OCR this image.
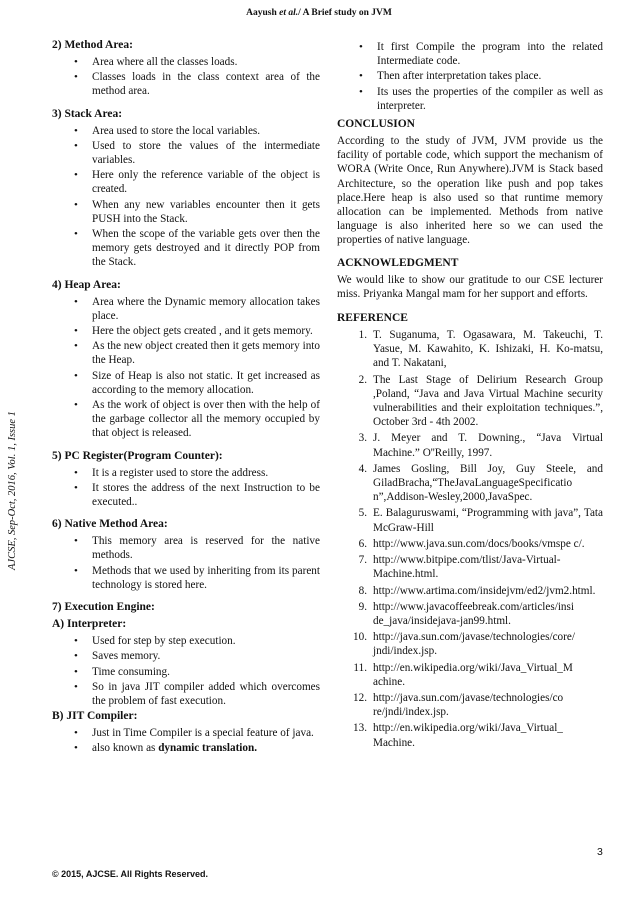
Aayush et al./ A Brief study on JVM
AJCSE, Sep-Oct, 2016, Vol. 1, Issue 1
2) Method Area:
• Area where all the classes loads.
• Classes loads in the class context area of the method area.
3) Stack Area:
• Area used to store the local variables.
• Used to store the values of the intermediate variables.
• Here only the reference variable of the object is created.
• When any new variables encounter then it gets PUSH into the Stack.
• When the scope of the variable gets over then the memory gets destroyed and it directly POP from the Stack.
4) Heap Area:
• Area where the Dynamic memory allocation takes place.
• Here the object gets created , and it gets memory.
• As the new object created then it gets memory into the Heap.
• Size of Heap is also not static. It get increased as according to the memory allocation.
• As the work of object is over then with the help of the garbage collector all the memory occupied by that object is released.
5) PC Register(Program Counter):
• It is a register used to store the address.
• It stores the address of the next Instruction to be executed..
6) Native Method Area:
• This memory area is reserved for the native methods.
• Methods that we used by inheriting from its parent technology is stored here.
7) Execution Engine:
A) Interpreter:
• Used for step by step execution.
• Saves memory.
• Time consuming.
• So in java JIT compiler added which overcomes the problem of fast execution.
B) JIT Compiler:
• Just in Time Compiler is a special feature of java.
• also known as dynamic translation.
• It first Compile the program into the related Intermediate code.
• Then after interpretation takes place.
• Its uses the properties of the compiler as well as interpreter.
CONCLUSION

According to the study of JVM, JVM provide us the facility of portable code, which support the mechanism of WORA (Write Once, Run Anywhere).JVM is Stack based Architecture, so the operation like push and pop takes place.Here heap is also used so that runtime memory allocation can be implemented. Methods from native language is also inherited here so we can used the properties of native language.

ACKNOWLEDGMENT

We would like to show our gratitude to our CSE lecturer miss. Priyanka Mangal mam for her support and efforts.

REFERENCE
1. T. Suganuma, T. Ogasawara, M. Takeuchi, T. Yasue, M. Kawahito, K. Ishizaki, H. Ko-matsu, and T. Nakatani,
2. The Last Stage of Delirium Research Group ,Poland, “Java and Java Virtual Machine security vulnerabilities and their exploitation techniques.”, October 3rd - 4th 2002.
3. J. Meyer and T. Downing., “Java Virtual Machine.” O''Reilly, 1997.
4. James Gosling, Bill Joy, Guy Steele, and GiladBracha,“TheJavaLanguageSpecificatio n”,Addison-Wesley,2000,JavaSpec.
5. E. Balaguruswami, “Programming with java”, Tata McGraw-Hill
6. http://www.java.sun.com/docs/books/vmspe c/.
7. http://www.bitpipe.com/tlist/Java-Virtual-Machine.html.
8. http://www.artima.com/insidejvm/ed2/jvm2.html.
9. http://www.javacoffeebreak.com/articles/insi de_java/insidejava-jan99.html.
10. http://java.sun.com/javase/technologies/core/ jndi/index.jsp.
11. http://en.wikipedia.org/wiki/Java_Virtual_M achine.
12. http://java.sun.com/javase/technologies/co re/jndi/index.jsp.
13. http://en.wikipedia.org/wiki/Java_Virtual_ Machine.
3
© 2015, AJCSE. All Rights Reserved.
